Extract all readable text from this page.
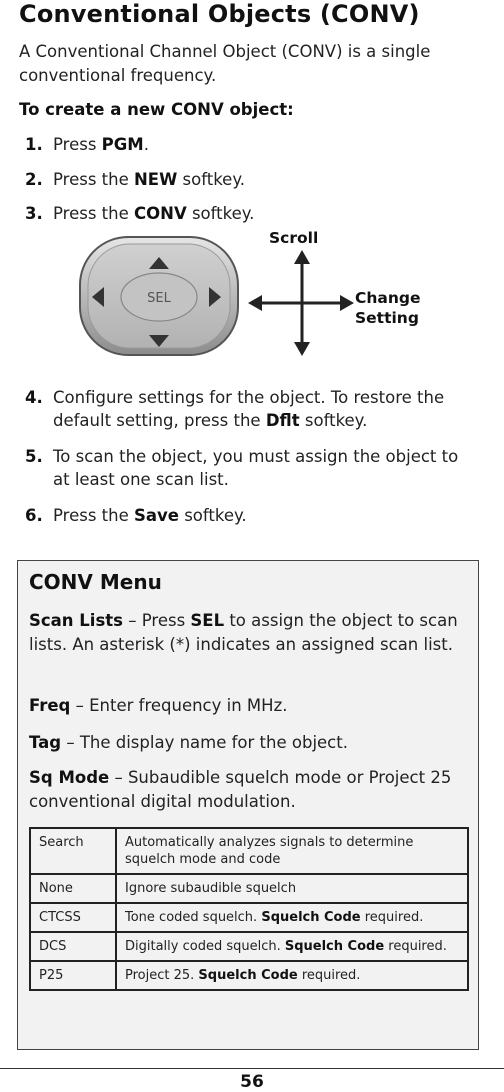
Conventional Objects (CONV)
A Conventional Channel Object (CONV) is a single conventional frequency.
To create a new CONV object:
1. Press PGM.
2. Press the NEW softkey.
3. Press the CONV softkey.
SEL
Scroll
Change
Setting
4. Configure settings for the object. To restore the default setting, press the Dflt softkey.
5. To scan the object, you must assign the object to at least one scan list.
6. Press the Save softkey.
CONV Menu
Scan Lists – Press SEL to assign the object to scan lists. An asterisk (*) indicates an assigned scan list.
Freq – Enter frequency in MHz.
Tag – The display name for the object.
Sq Mode – Subaudible squelch mode or Project 25 conventional digital modulation.
Search	Automatically analyzes signals to determine squelch mode and code
None	Ignore subaudible squelch
CTCSS	Tone coded squelch. Squelch Code required.
DCS	Digitally coded squelch. Squelch Code required.
P25	Project 25. Squelch Code required.
56
